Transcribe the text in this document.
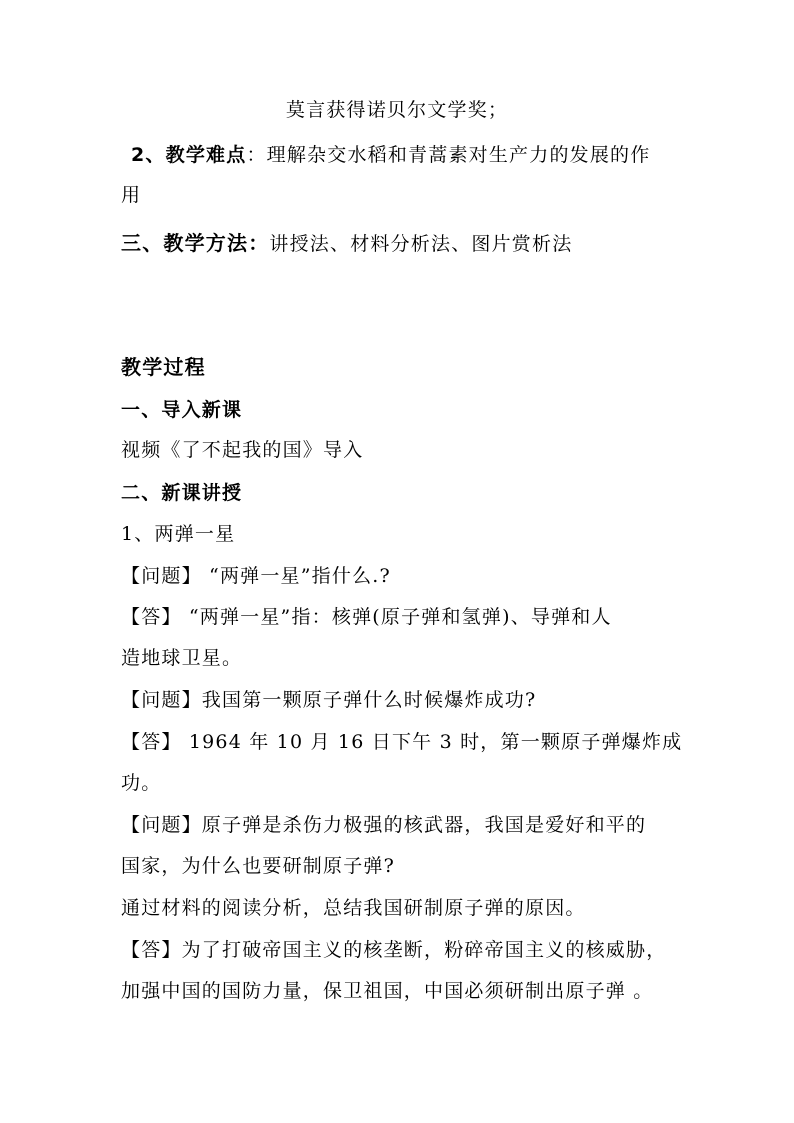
莫言获得诺贝尔文学奖；
2、教学难点：理解杂交水稻和青蒿素对生产力的发展的作
用
三、教学方法：讲授法、材料分析法、图片赏析法
教学过程
一、导入新课
视频《了不起我的国》导入
二、新课讲授
1、两弹一星
【问题】 “两弹一星”指什么.?
【答】 “两弹一星”指：核弹(原子弹和氢弹)、导弹和人
造地球卫星。
【问题】我国第一颗原子弹什么时候爆炸成功?
【答】 1964 年 10 月 16 日下午 3 时，第一颗原子弹爆炸成
功。
【问题】原子弹是杀伤力极强的核武器，我国是爱好和平的
国家，为什么也要研制原子弹?
通过材料的阅读分析，总结我国研制原子弹的原因。
【答】为了打破帝国主义的核垄断，粉碎帝国主义的核威胁，
加强中国的国防力量，保卫祖国，中国必须研制出原子弹 。
